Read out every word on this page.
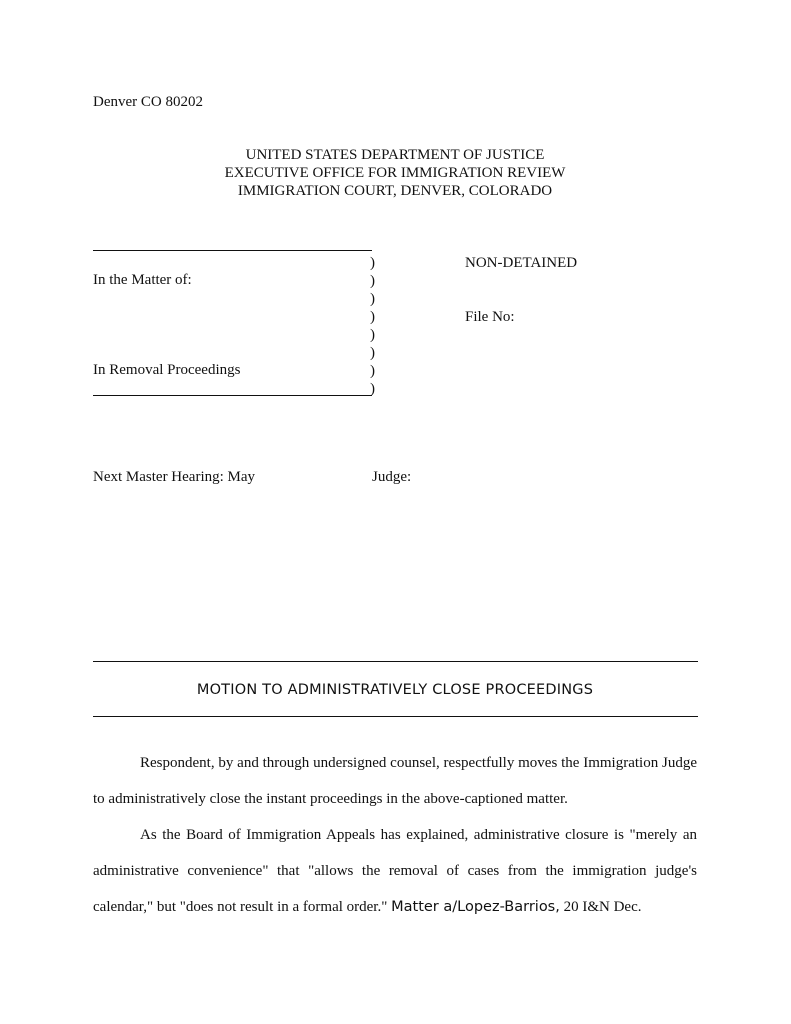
Denver CO 80202
UNITED STATES DEPARTMENT OF JUSTICE
EXECUTIVE OFFICE FOR IMMIGRATION REVIEW
IMMIGRATION COURT, DENVER, COLORADO
)
)
)
)
)
)
)
)
In the Matter of:
In Removal Proceedings
NON-DETAINED
File No:
Next Master Hearing: May	Judge:
MOTION TO ADMINISTRATIVELY CLOSE PROCEEDINGS
Respondent, by and through undersigned counsel, respectfully moves the Immigration Judge to administratively close the instant proceedings in the above-captioned matter.
As the Board of Immigration Appeals has explained, administrative closure is "merely an administrative convenience" that "allows the removal of cases from the immigration judge's calendar," but "does not result in a formal order." Matter a/Lopez-Barrios, 20 I&N Dec.
